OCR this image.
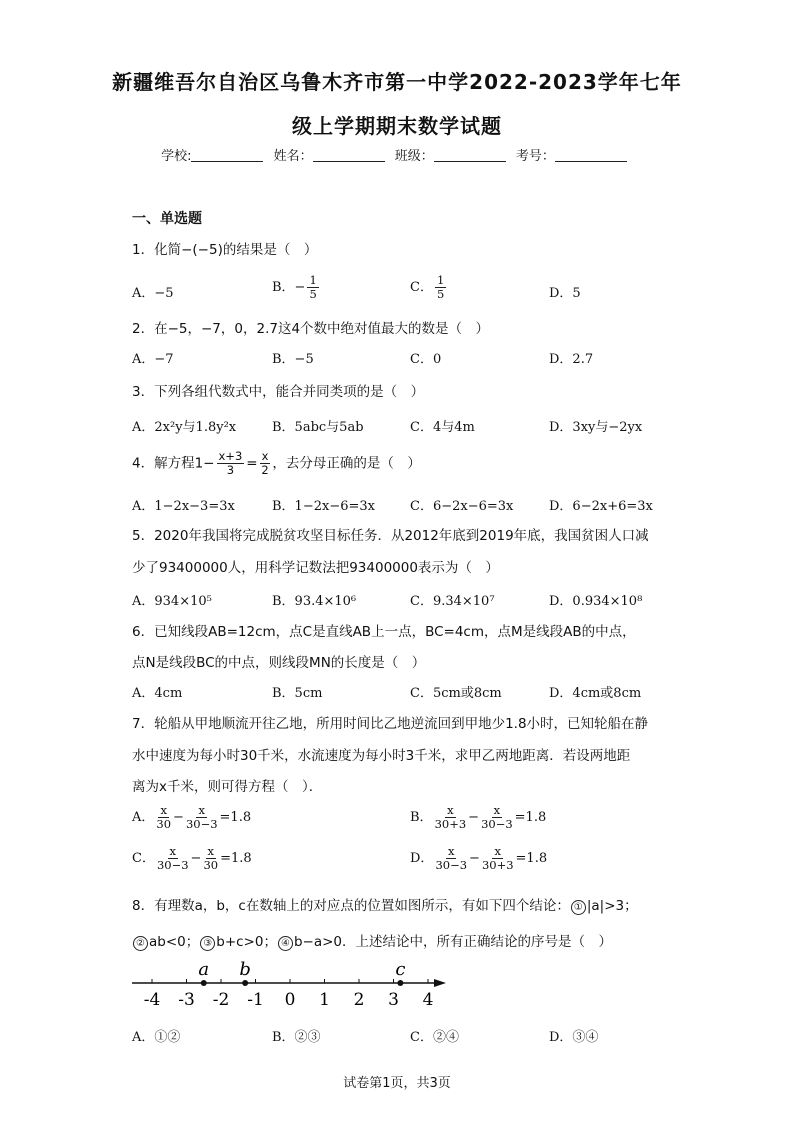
新疆维吾尔自治区乌鲁木齐市第一中学2022-2023学年七年
级上学期期末数学试题
学校:	姓名：	班级：	考号：
一、单选题
1．化简−(−5)的结果是（　）
A．−5	B．− $\frac{1}{5}$	C． $\frac{1}{5}$	D．5
2．在−5，−7，0，2.7这4个数中绝对值最大的数是（　）
A．−7	B．−5	C．0	D．2.7
3．下列各组代数式中，能合并同类项的是（　）
A．2x²y与1.8y²x	B．5abc与5ab	C．4与4m	D．3xy与−2yx
4．解方程$1- \frac{x+3}{3} = \frac{x}{2}$ ，去分母正确的是（　）
A．1−2x−3=3x	B．1−2x−6=3x	C．6−2x−6=3x	D．6−2x+6=3x
5．2020年我国将完成脱贫攻坚目标任务．从2012年底到2019年底，我国贫困人口减
少了93400000人，用科学记数法把93400000表示为（　）
A．934×10⁵	B．93.4×10⁶	C．9.34×10⁷	D．0.934×10⁸
6．已知线段AB=12cm，点C是直线AB上一点，BC=4cm，点M是线段AB的中点，
点N是线段BC的中点，则线段MN的长度是（　）
A．4cm	B．5cm	C．5cm或8cm	D．4cm或8cm
7．轮船从甲地顺流开往乙地，所用时间比乙地逆流回到甲地少1.8小时，已知轮船在静
水中速度为每小时30千米，水流速度为每小时3千米，求甲乙两地距离．若设两地距
离为x千米，则可得方程（　）．
A． $\frac{x}{30} - \frac{x}{30-3} =1.8$	B． $\frac{x}{30+3} - \frac{x}{30-3} =1.8$
C． $\frac{x}{30-3} - \frac{x}{30} =1.8$	D． $\frac{x}{30-3} - \frac{x}{30+3} =1.8$
8．有理数a，b，c在数轴上的对应点的位置如图所示，有如下四个结论： ① |a|>3；
② ab<0； ③ b+c>0； ④ b−a>0．上述结论中，所有正确结论的序号是（　）
-4 -3 -2 -1 0 1 2 3 4
a b	c
A．①②	B．②③	C．②④	D．③④
试卷第1页，共3页
